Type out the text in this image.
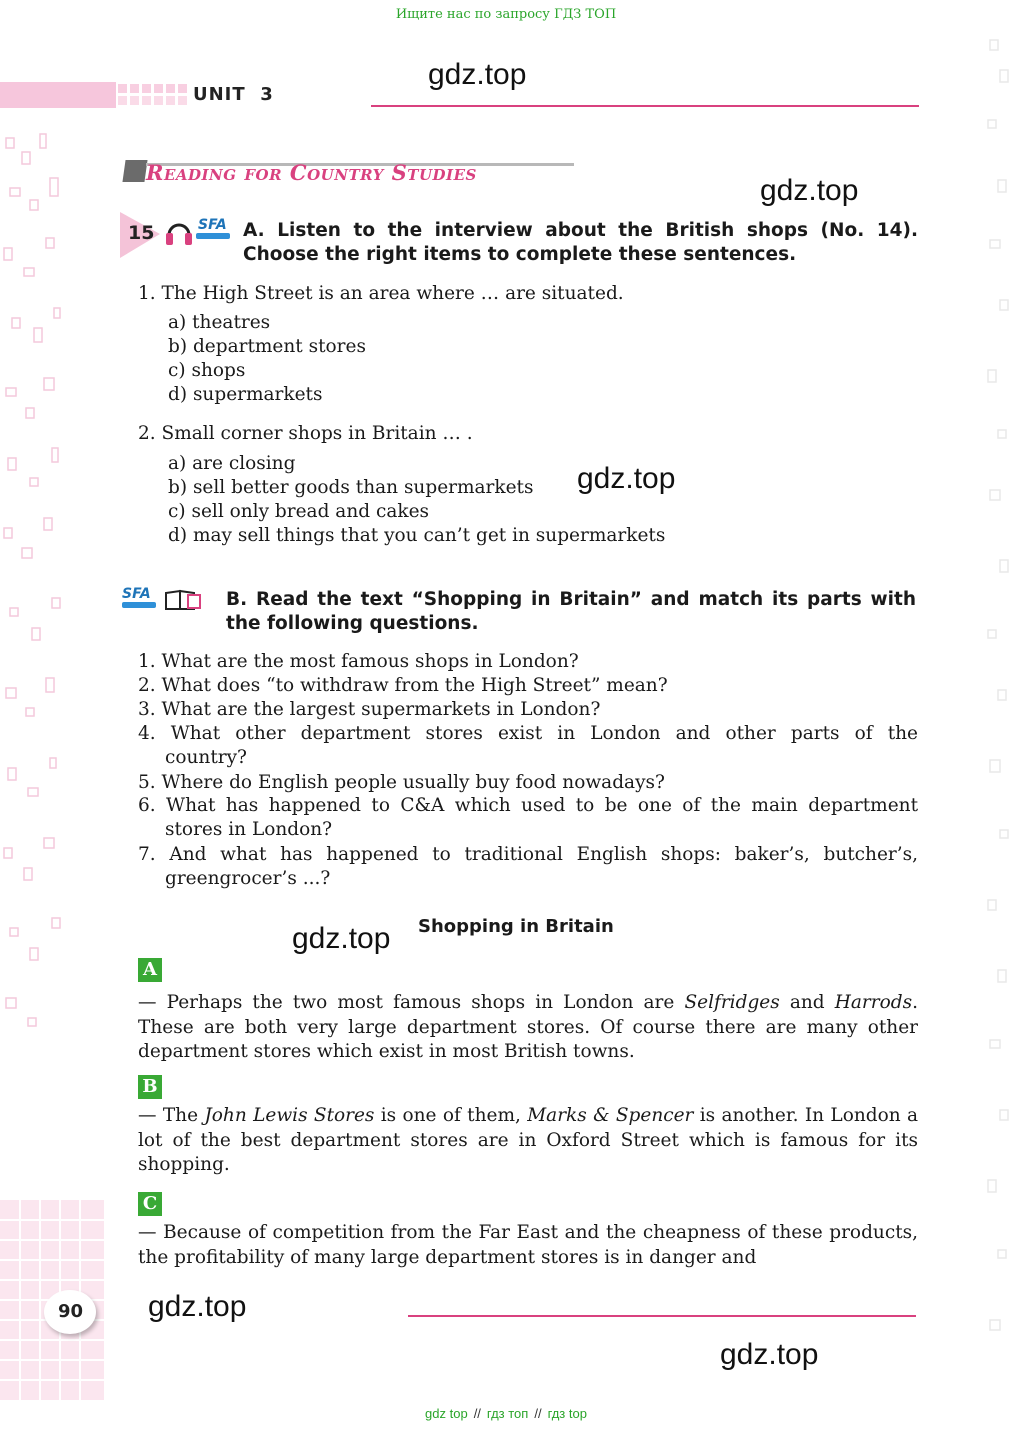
Ищите нас по запросу ГДЗ ТОП
UNIT  3
gdz.top
gdz.top
gdz.top
gdz.top
gdz.top
gdz.top
Reading for Country Studies
15	SFA A. Listen to the interview about the British shops (No. 14). Choose the right items to complete these sentences.
1. The High Street is an area where … are situated.
a) theatres
b) department stores
c) shops
d) supermarkets
2. Small corner shops in Britain … .
a) are closing
b) sell better goods than supermarkets
c) sell only bread and cakes
d) may sell things that you can’t get in supermarkets
SFA	B. Read the text “Shopping in Britain” and match its parts with the following questions.
1. What are the most famous shops in London?
2. What does “to withdraw from the High Street” mean?
3. What are the largest supermarkets in London?
4. What other department stores exist in London and other parts of the
country?
5. Where do English people usually buy food nowadays?
6. What has happened to C&A which used to be one of the main department
stores in London?
7. And what has happened to traditional English shops: baker’s, butcher’s,
greengrocer’s ...?
Shopping in Britain
A
— Perhaps the two most famous shops in London are Selfridges and Harrods. These are both very large department stores. Of course there are many other department stores which exist in most British towns.
B
— The John Lewis Stores is one of them, Marks & Spencer is another. In London a lot of the best department stores are in Oxford Street which is famous for its shopping.
C
— Because of competition from the Far East and the cheapness of these products, the profitability of many large department stores is in danger and
90
gdz top // гдз топ // гдз top
